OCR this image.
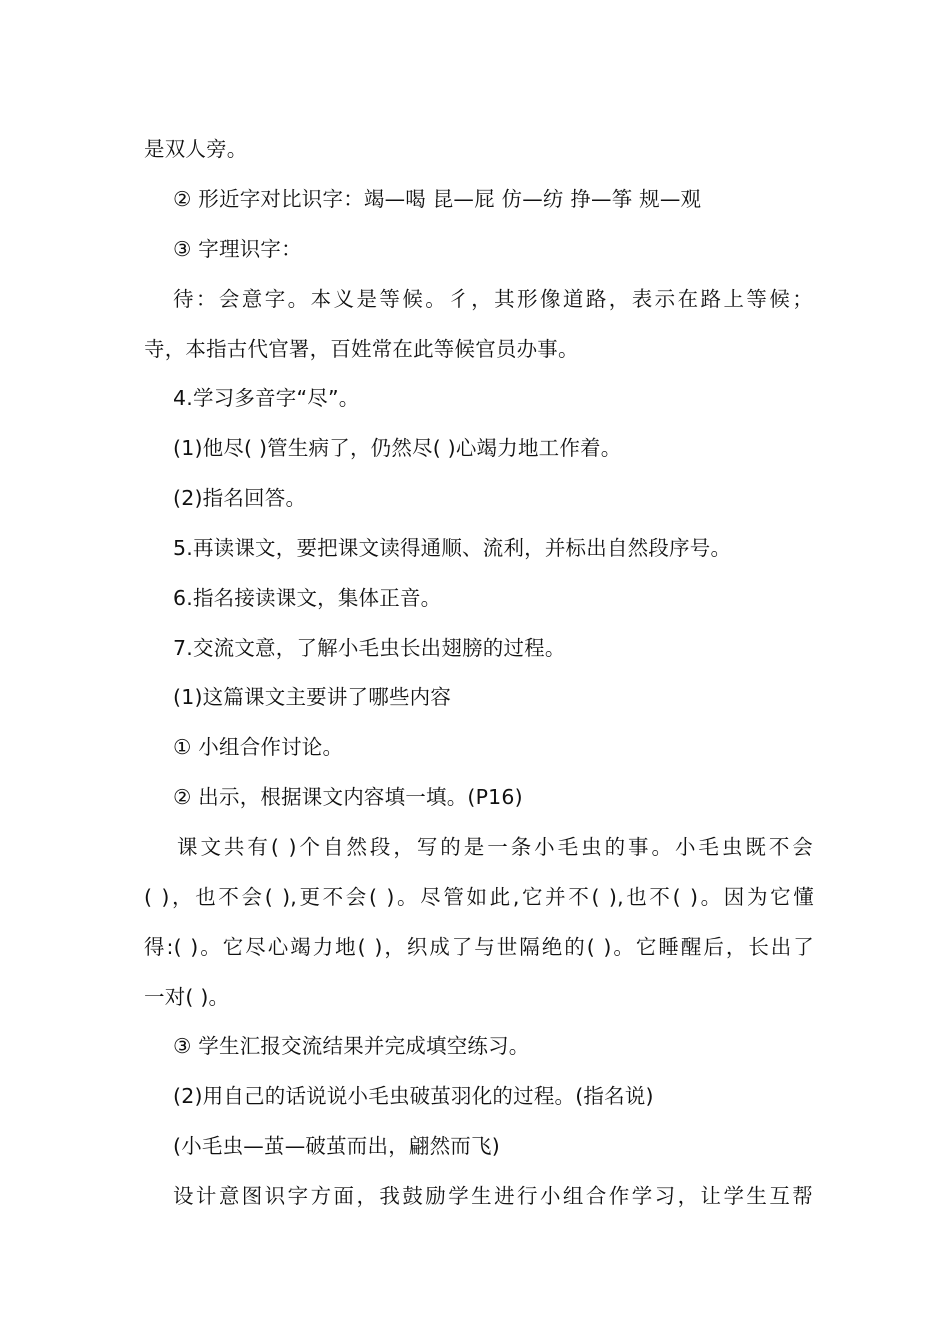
是双人旁。
② 形近字对比识字：竭—喝 昆—屁 仿—纺 挣—筝 规—观
③ 字理识字：
待：会意字。本义是等候。彳，其形像道路，表示在路上等候；
寺，本指古代官署，百姓常在此等候官员办事。
4.学习多音字“尽”。
(1)他尽( )管生病了，仍然尽( )心竭力地工作着。
(2)指名回答。
5.再读课文，要把课文读得通顺、流利，并标出自然段序号。
6.指名接读课文，集体正音。
7.交流文意，了解小毛虫长出翅膀的过程。
(1)这篇课文主要讲了哪些内容
① 小组合作讨论。
② 出示，根据课文内容填一填。(P16)
课文共有( )个自然段，写的是一条小毛虫的事。小毛虫既不会
( )，也不会( ),更不会( )。尽管如此,它并不( ),也不( )。因为它懂
得:( )。它尽心竭力地( )，织成了与世隔绝的( )。它睡醒后，长出了
一对( )。
③ 学生汇报交流结果并完成填空练习。
(2)用自己的话说说小毛虫破茧羽化的过程。(指名说)
(小毛虫—茧—破茧而出，翩然而飞)
设计意图识字方面，我鼓励学生进行小组合作学习，让学生互帮
